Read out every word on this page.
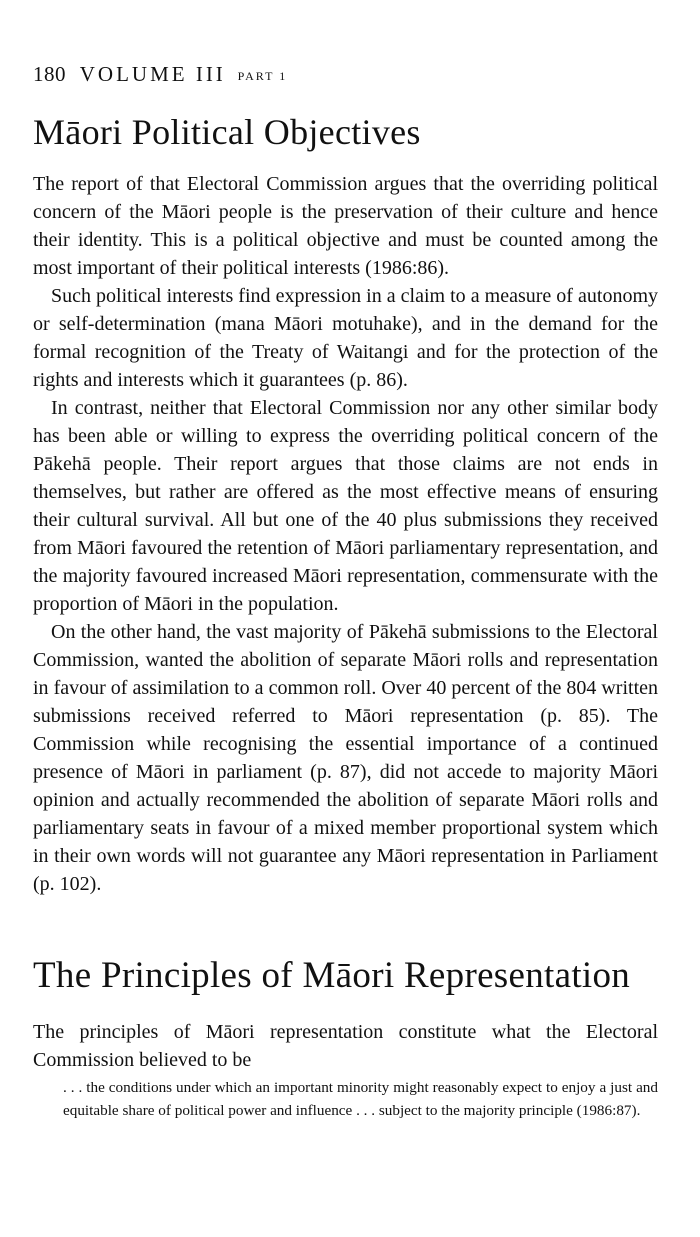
180 VOLUME III PART 1
Māori Political Objectives

The report of that Electoral Commission argues that the overriding political concern of the Māori people is the preservation of their culture and hence their identity. This is a political objective and must be counted among the most important of their political interests (1986:86).

Such political interests find expression in a claim to a measure of autonomy or self-determination (mana Māori motuhake), and in the demand for the formal recognition of the Treaty of Waitangi and for the protection of the rights and interests which it guarantees (p. 86).

In contrast, neither that Electoral Commission nor any other similar body has been able or willing to express the overriding political concern of the Pākehā people. Their report argues that those claims are not ends in themselves, but rather are offered as the most effective means of ensuring their cultural survival. All but one of the 40 plus submissions they received from Māori favoured the retention of Māori parliamentary representation, and the majority favoured increased Māori representation, commensurate with the proportion of Māori in the population.

On the other hand, the vast majority of Pākehā submissions to the Electoral Commission, wanted the abolition of separate Māori rolls and representation in favour of assimilation to a common roll. Over 40 percent of the 804 written submissions received referred to Māori representation (p. 85). The Commission while recognising the essential importance of a continued presence of Māori in parliament (p. 87), did not accede to majority Māori opinion and actually recommended the abolition of separate Māori rolls and parliamentary seats in favour of a mixed member proportional system which in their own words will not guarantee any Māori representation in Parliament (p. 102).

The Principles of Māori Representation

The principles of Māori representation constitute what the Electoral Commission believed to be

. . . the conditions under which an important minority might reasonably expect to enjoy a just and equitable share of political power and influence . . . subject to the majority principle (1986:87).
